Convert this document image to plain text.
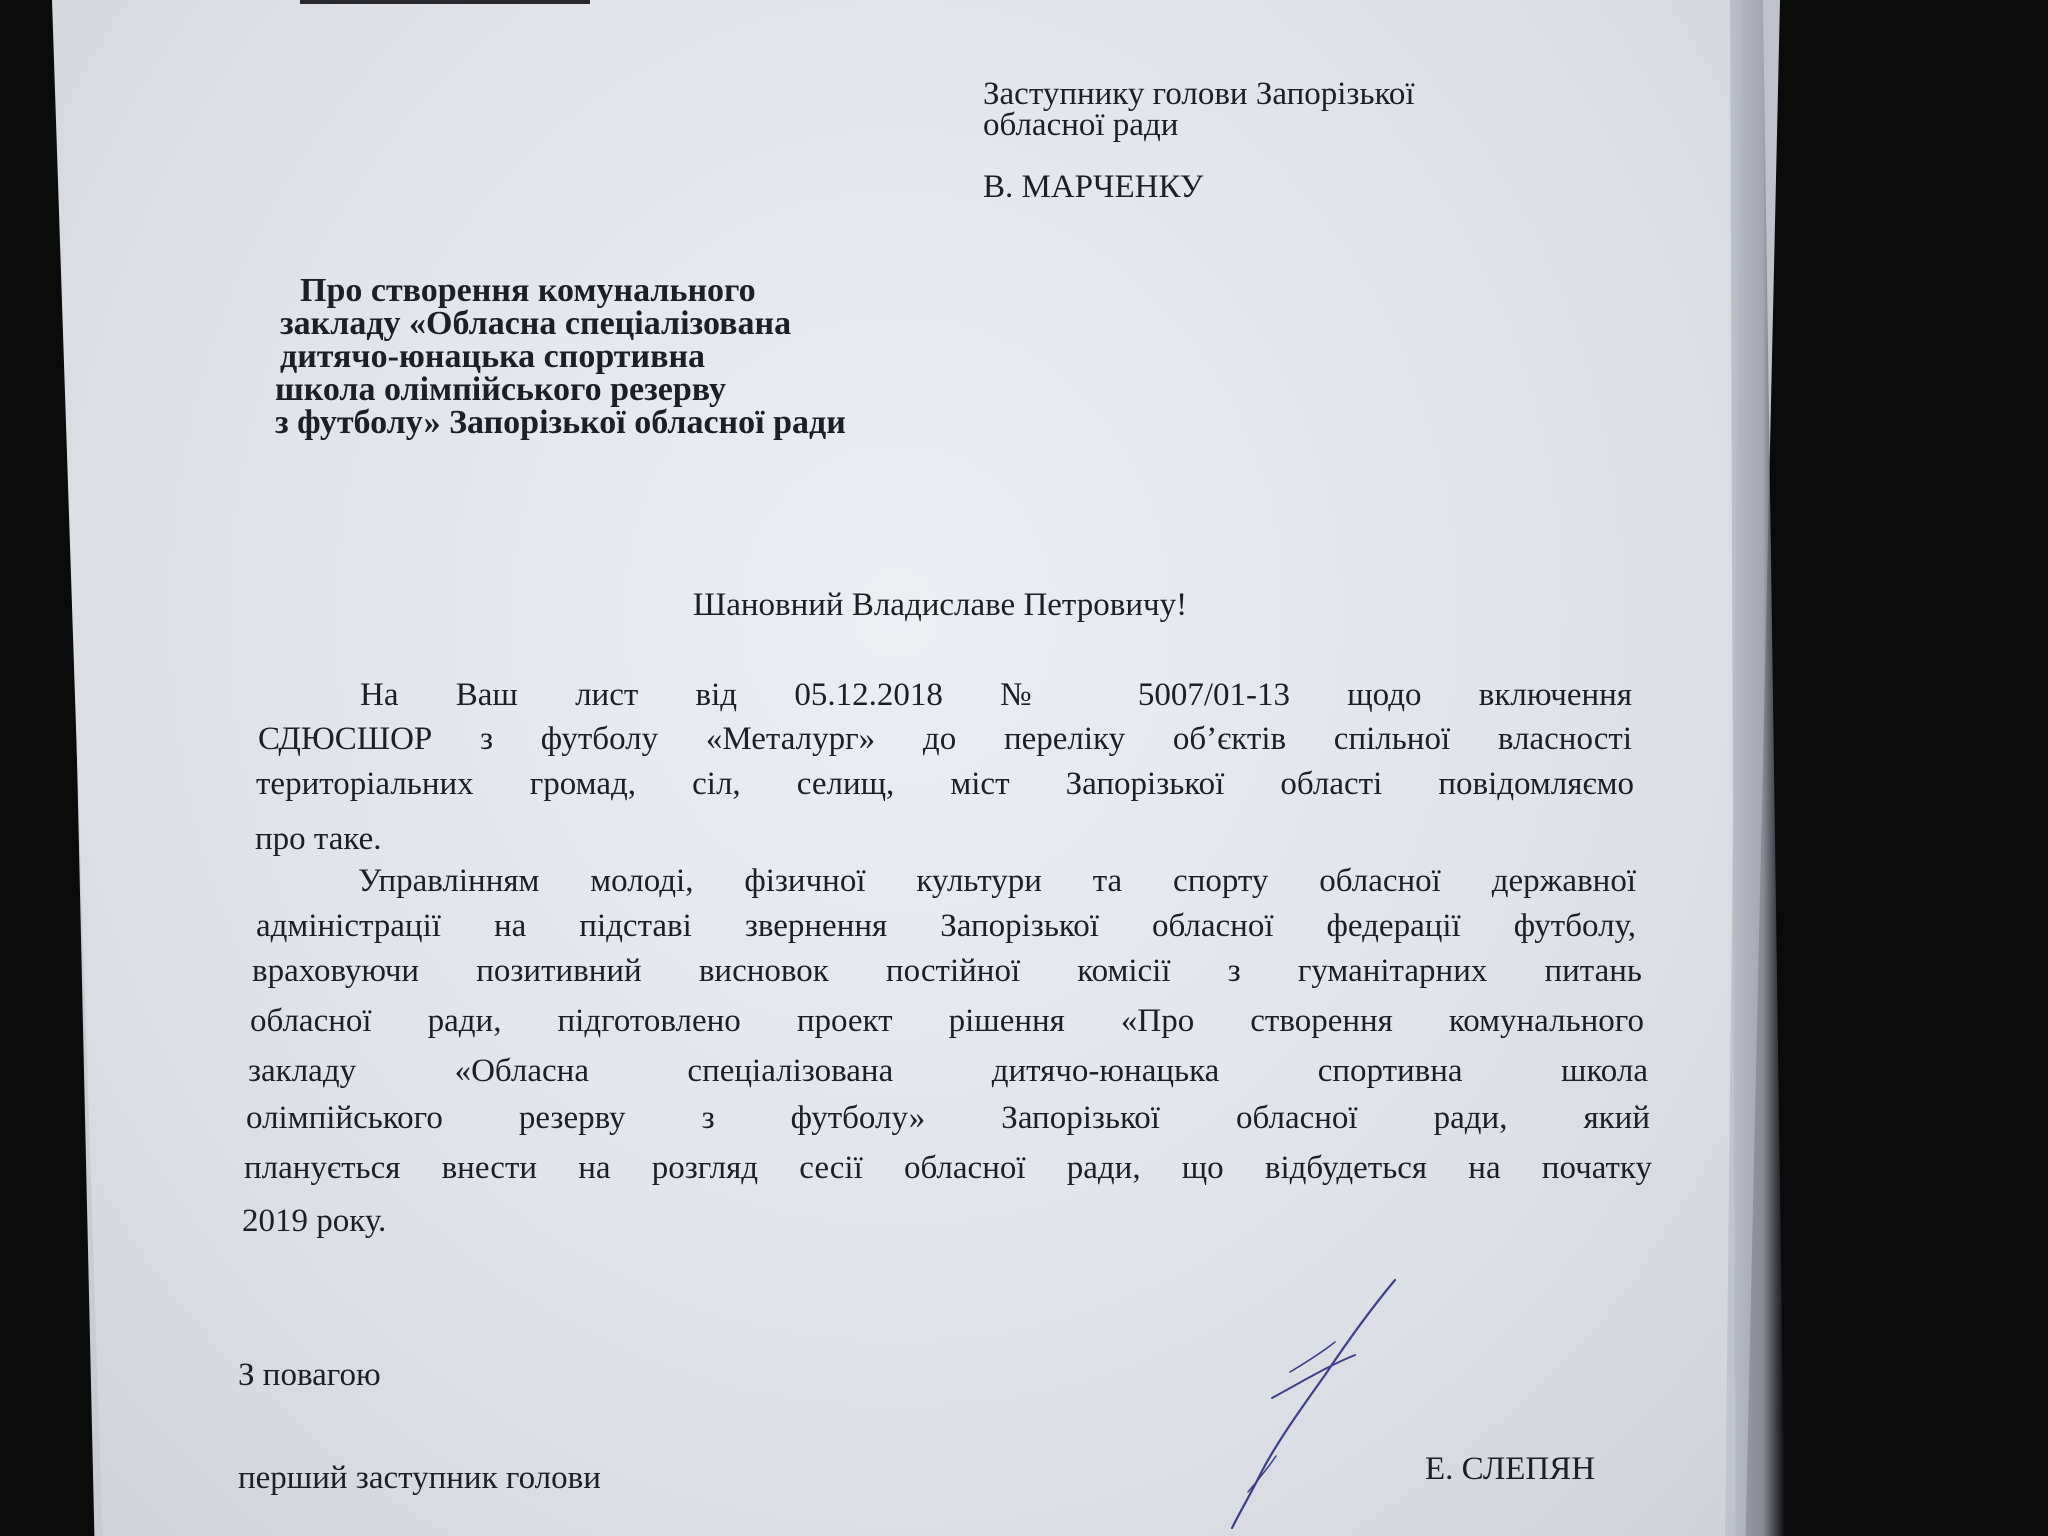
Заступнику голови Запорізької
обласної ради
В. МАРЧЕНКУ
Про створення комунального
закладу «Обласна спеціалізована
дитячо-юнацька спортивна
школа олімпійського резерву
з футболу» Запорізької обласної ради
Шановний Владиславе Петровичу!
На Ваш лист від 05.12.2018 № 5007/01-13 щодо включення
СДЮСШОР з футболу «Металург» до переліку об’єктів спільної власності
територіальних громад, сіл, селищ, міст Запорізької області повідомляємо
про таке.
Управлінням молоді, фізичної культури та спорту обласної державної
адміністрації на підставі звернення Запорізької обласної федерації футболу,
враховуючи позитивний висновок постійної комісії з гуманітарних питань
обласної ради, підготовлено проект рішення «Про створення комунального
закладу «Обласна спеціалізована дитячо-юнацька спортивна школа
олімпійського резерву з футболу» Запорізької обласної ради, який
планується внести на розгляд сесії обласної ради, що відбудеться на початку
2019 року.
З повагою
перший заступник голови	Е. СЛЕПЯН
